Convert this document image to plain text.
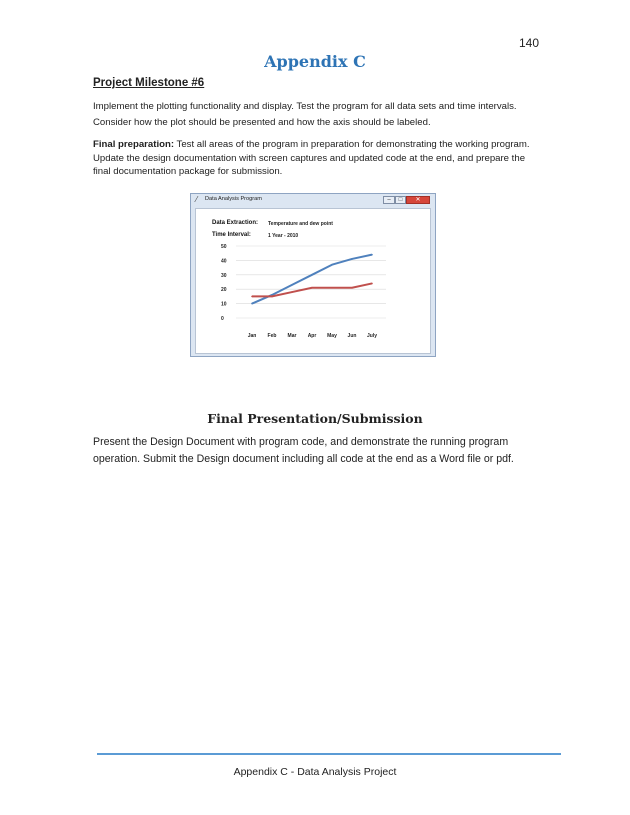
140
Appendix C
Project Milestone #6

Implement the plotting functionality and display. Test the program for all data sets and time intervals. Consider how the plot should be presented and how the axis should be labeled.

Final preparation: Test all areas of the program in preparation for demonstrating the working program. Update the design documentation with screen captures and updated code at the end, and prepare the final documentation package for submission.

⁄ Data Analysis Program	–	□	✕
Data Extraction: Temperature and dew point
Time Interval:	1 Year - 2010
0
10
20
30
40
50
Jan Feb Mar Apr May Jun July
Final Presentation/Submission

Present the Design Document with program code, and demonstrate the running program operation. Submit the Design document including all code at the end as a Word file or pdf.

Appendix C - Data Analysis Project
